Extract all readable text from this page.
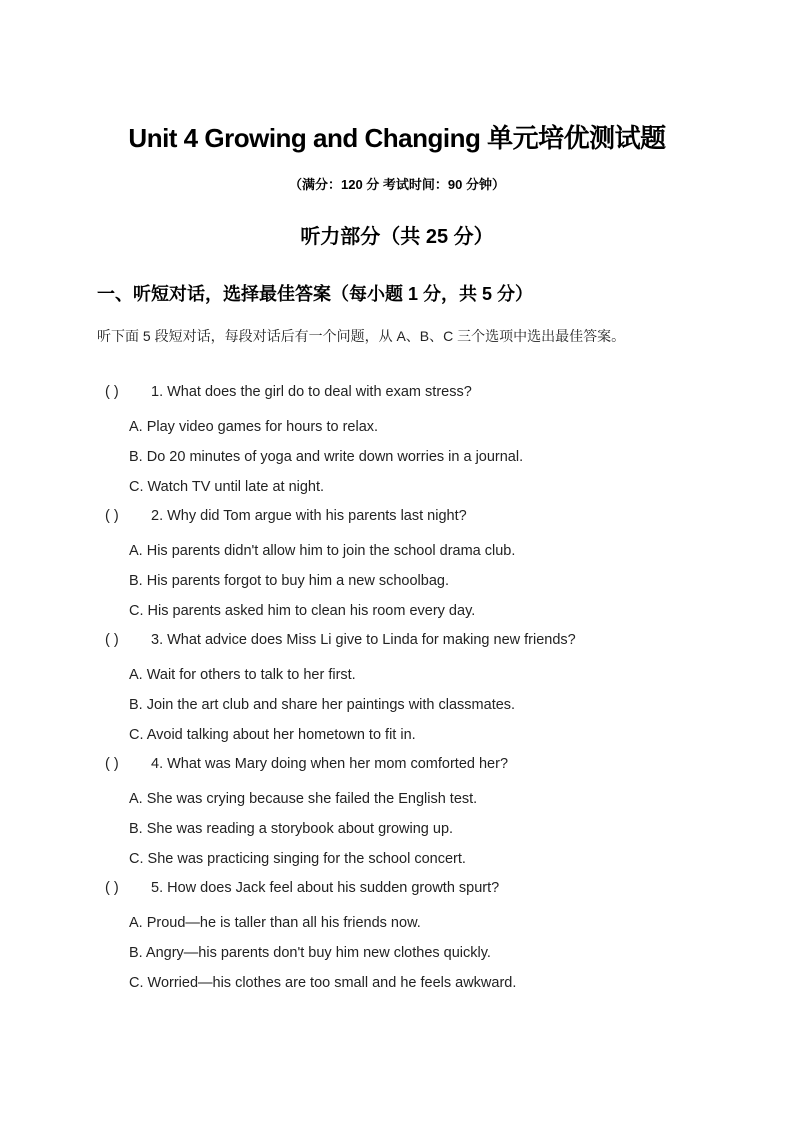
Unit 4 Growing and Changing 单元培优测试题
（满分：120 分 考试时间：90 分钟）
听力部分（共 25 分）
一、听短对话，选择最佳答案（每小题 1 分，共 5 分）
听下面 5 段短对话，每段对话后有一个问题，从 A、B、C 三个选项中选出最佳答案。
( ) 1. What does the girl do to deal with exam stress?
A. Play video games for hours to relax.
B. Do 20 minutes of yoga and write down worries in a journal.
C. Watch TV until late at night.
( ) 2. Why did Tom argue with his parents last night?
A. His parents didn't allow him to join the school drama club.
B. His parents forgot to buy him a new schoolbag.
C. His parents asked him to clean his room every day.
( ) 3. What advice does Miss Li give to Linda for making new friends?
A. Wait for others to talk to her first.
B. Join the art club and share her paintings with classmates.
C. Avoid talking about her hometown to fit in.
( ) 4. What was Mary doing when her mom comforted her?
A. She was crying because she failed the English test.
B. She was reading a storybook about growing up.
C. She was practicing singing for the school concert.
( ) 5. How does Jack feel about his sudden growth spurt?
A. Proud—he is taller than all his friends now.
B. Angry—his parents don't buy him new clothes quickly.
C. Worried—his clothes are too small and he feels awkward.
